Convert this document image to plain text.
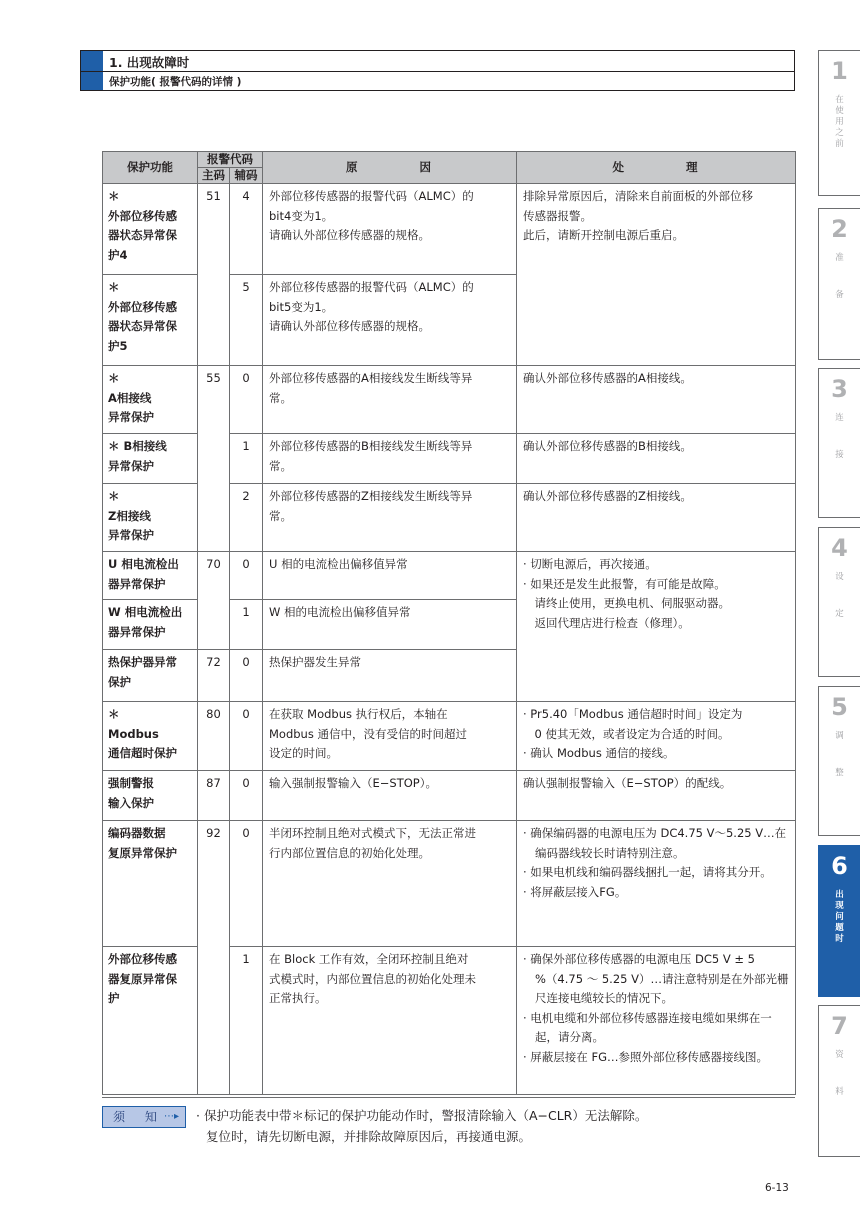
1. 出现故障时
保护功能( 报警代码的详情 )
保护功能	报警代码		原　因	处　理
	主码	辅码		

＊
外部位移传感
器状态异常保
护4	51	4	外部位移传感器的报警代码（ALMC）的
bit4变为1。
请确认外部位移传感器的规格。	排除异常原因后，清除来自前面板的外部位移
传感器报警。
此后，请断开控制电源后重启。

＊
外部位移传感
器状态异常保
护5		5	外部位移传感器的报警代码（ALMC）的
bit5变为1。
请确认外部位移传感器的规格。	

＊
A相接线
异常保护	55	0	外部位移传感器的A相接线发生断线等异
常。	确认外部位移传感器的A相接线。

＊ B相接线
异常保护		1	外部位移传感器的B相接线发生断线等异
常。	确认外部位移传感器的B相接线。

＊
Z相接线
异常保护		2	外部位移传感器的Z相接线发生断线等异
常。	确认外部位移传感器的Z相接线。

U 相电流检出
器异常保护	70	0	U 相的电流检出偏移值异常	· 切断电源后，再次接通。
· 如果还是发生此报警，有可能是故障。
　请终止使用，更换电机、伺服驱动器。
　返回代理店进行检查（修理）。

W 相电流检出
器异常保护		1	W 相的电流检出偏移值异常	

热保护器异常
保护	72	0	热保护器发生异常	

＊
Modbus
通信超时保护	80	0	在获取 Modbus 执行权后，本轴在
Modbus 通信中，没有受信的时间超过
设定的时间。	· Pr5.40「Modbus 通信超时时间」设定为
　0 使其无效，或者设定为合适的时间。
· 确认 Modbus 通信的接线。

强制警报
输入保护	87	0	输入强制报警输入（E−STOP）。	确认强制报警输入（E−STOP）的配线。

编码器数据
复原异常保护	92	0	半闭环控制且绝对式模式下，无法正常进
行内部位置信息的初始化处理。	· 确保编码器的电源电压为 DC4.75 V～5.25 V…在编码器线较长时请特别注意。
· 如果电机线和编码器线捆扎一起，请将其分开。
· 将屏蔽层接入FG。

外部位移传感
器复原异常保
护		1	在 Block 工作有效，全闭环控制且绝对
式模式时，内部位置信息的初始化处理未
正常执行。	· 确保外部位移传感器的电源电压 DC5 V ± 5 %（4.75 ～ 5.25 V）…请注意特别是在外部光栅尺连接电缆较长的情况下。
· 电机电缆和外部位移传感器连接电缆如果绑在一起，请分离。
· 屏蔽层接在 FG…参照外部位移传感器接线图。
须 知 ⋯▸ · 保护功能表中带＊标记的保护功能动作时，警报清除输入（A−CLR）无法解除。
复位时，请先切断电源，并排除故障原因后，再接通电源。
6-13
1
在
使
用
之
前
2
准
备
3
连
接
4
设
定
5
调
整
6
出
现
问
题
时
7
资
料
